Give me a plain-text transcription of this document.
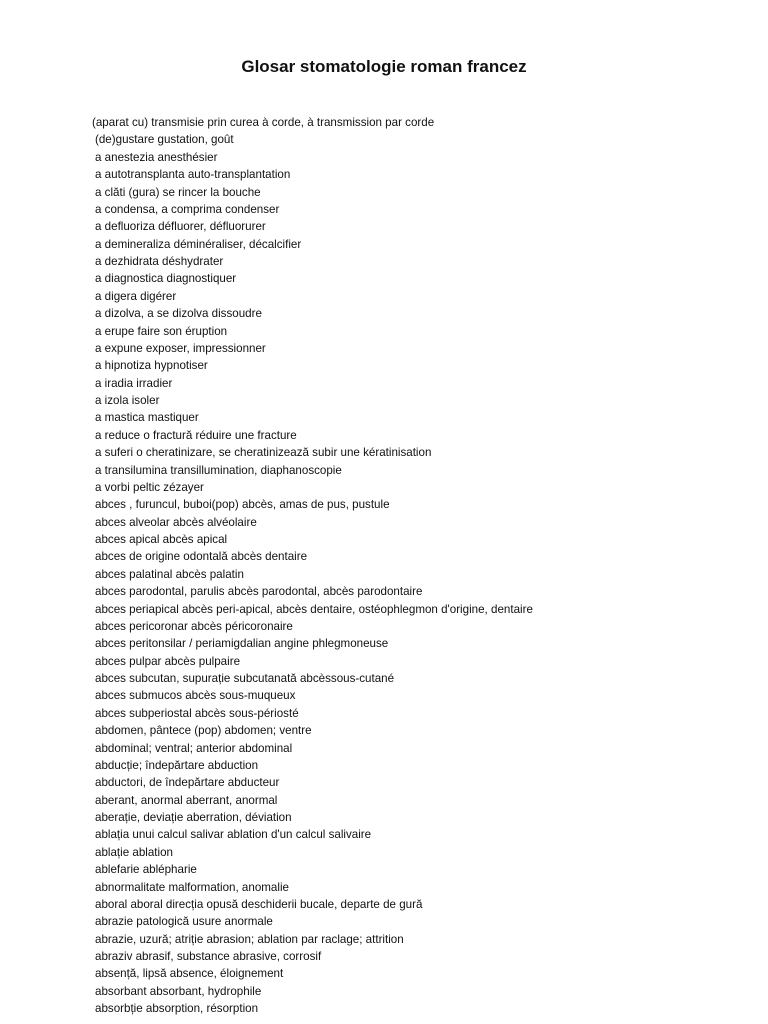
Glosar stomatologie roman francez
(aparat cu) transmisie prin curea à corde, à transmission par corde
(de)gustare gustation, goût
a anestezia anesthésier
a autotransplanta auto-transplantation
a clăti (gura) se rincer la bouche
a condensa, a comprima condenser
a defluoriza défluorer, défluorurer
a demineraliza déminéraliser, décalcifier
a dezhidrata déshydrater
a diagnostica diagnostiquer
a digera digérer
a dizolva, a se dizolva dissoudre
a erupe faire son éruption
a expune exposer, impressionner
a hipnotiza hypnotiser
a iradia irradier
a izola isoler
a mastica mastiquer
a reduce o fractură réduire une fracture
a suferi o cheratinizare, se cheratinizează subir une kératinisation
a transilumina transillumination, diaphanoscopie
a vorbi peltic zézayer
abces , furuncul, buboi(pop) abcès, amas de pus, pustule
abces alveolar abcès alvéolaire
abces apical abcès apical
abces de origine odontală abcès dentaire
abces palatinal abcès palatin
abces parodontal, parulis abcès parodontal, abcès parodontaire
abces periapical abcès peri-apical, abcès dentaire, ostéophlegmon d'origine, dentaire
abces pericoronar abcès péricoronaire
abces peritonsilar / periamigdalian angine phlegmoneuse
abces pulpar abcès pulpaire
abces subcutan, supurație subcutanată abcèssous-cutané
abces submucos abcès sous-muqueux
abces subperiostal abcès sous-périosté
abdomen, pântece (pop) abdomen; ventre
abdominal; ventral; anterior abdominal
abducție; îndepărtare abduction
abductori, de îndepărtare abducteur
aberant, anormal aberrant, anormal
aberație, deviație aberration, déviation
ablația unui calcul salivar ablation d'un calcul salivaire
ablație ablation
ablefarie ablépharie
abnormalitate malformation, anomalie
aboral aboral direcția opusă deschiderii bucale, departe de gură
abrazie patologică usure anormale
abrazie, uzură; atriție abrasion; ablation par raclage; attrition
abraziv abrasif, substance abrasive, corrosif
absență, lipsă absence, éloignement
absorbant absorbant, hydrophile
absorbție absorption, résorption
